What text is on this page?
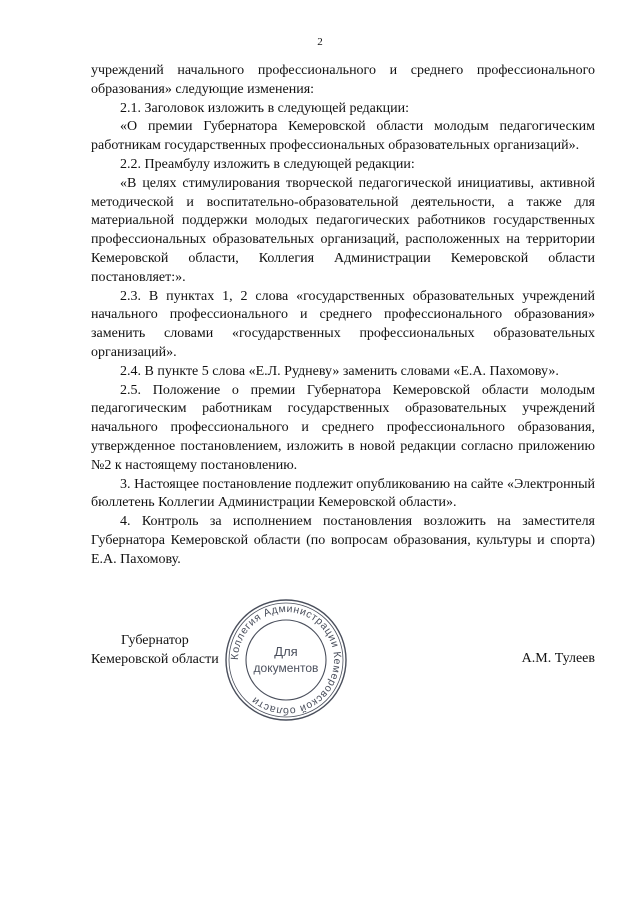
2

учреждений начального профессионального и среднего профессионального образования» следующие изменения:

2.1. Заголовок изложить в следующей редакции:

«О премии Губернатора Кемеровской области молодым педагогическим работникам государственных профессиональных образовательных организаций».

2.2. Преамбулу изложить в следующей редакции:

«В целях стимулирования творческой педагогической инициативы, активной методической и воспитательно-образовательной деятельности, а также для материальной поддержки молодых педагогических работников государственных профессиональных образовательных организаций, расположенных на территории Кемеровской области, Коллегия Администрации Кемеровской области постановляет:».

2.3. В пунктах 1, 2 слова «государственных образовательных учреждений начального профессионального и среднего профессионального образования» заменить словами «государственных профессиональных образовательных организаций».

2.4. В пункте 5 слова «Е.Л. Рудневу» заменить словами «Е.А. Пахомову».

2.5. Положение о премии Губернатора Кемеровской области молодым педагогическим работникам государственных образовательных учреждений начального профессионального и среднего профессионального образования, утвержденное постановлением, изложить в новой редакции согласно приложению №2 к настоящему постановлению.

3. Настоящее постановление подлежит опубликованию на сайте «Электронный бюллетень Коллегии Администрации Кемеровской области».

4. Контроль за исполнением постановления возложить на заместителя Губернатора Кемеровской области (по вопросам образования, культуры и спорта) Е.А. Пахомову.

Губернатор
Кемеровской области	А.М. Тулеев
Коллегия Администрации Кемеровской области
Для
документов
